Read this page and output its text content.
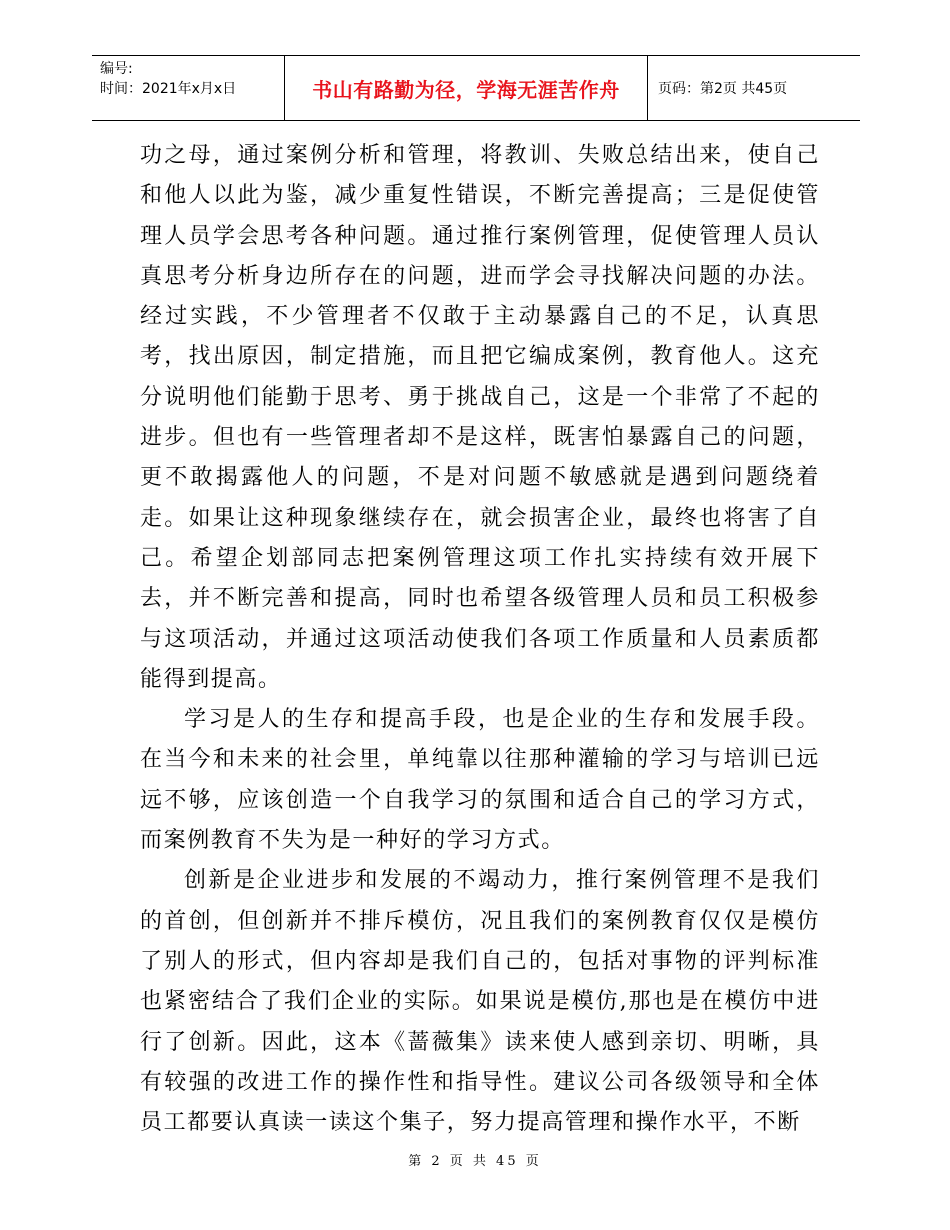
编号:
时间：2021年x月x日	书山有路勤为径，学海无涯苦作舟	页码：第2页 共45页

功之母，通过案例分析和管理，将教训、失败总结出来，使自己和他人以此为鉴，减少重复性错误，不断完善提高；三是促使管理人员学会思考各种问题。通过推行案例管理，促使管理人员认真思考分析身边所存在的问题，进而学会寻找解决问题的办法。经过实践，不少管理者不仅敢于主动暴露自己的不足，认真思考，找出原因，制定措施，而且把它编成案例，教育他人。这充分说明他们能勤于思考、勇于挑战自己，这是一个非常了不起的进步。但也有一些管理者却不是这样，既害怕暴露自己的问题，更不敢揭露他人的问题，不是对问题不敏感就是遇到问题绕着走。如果让这种现象继续存在，就会损害企业，最终也将害了自己。希望企划部同志把案例管理这项工作扎实持续有效开展下去，并不断完善和提高，同时也希望各级管理人员和员工积极参与这项活动，并通过这项活动使我们各项工作质量和人员素质都能得到提高。

学习是人的生存和提高手段，也是企业的生存和发展手段。在当今和未来的社会里，单纯靠以往那种灌输的学习与培训已远远不够，应该创造一个自我学习的氛围和适合自己的学习方式，而案例教育不失为是一种好的学习方式。

创新是企业进步和发展的不竭动力，推行案例管理不是我们的首创，但创新并不排斥模仿，况且我们的案例教育仅仅是模仿了别人的形式，但内容却是我们自己的，包括对事物的评判标准也紧密结合了我们企业的实际。如果说是模仿,那也是在模仿中进行了创新。因此，这本《蔷薇集》读来使人感到亲切、明晰，具有较强的改进工作的操作性和指导性。建议公司各级领导和全体员工都要认真读一读这个集子，努力提高管理和操作水平，不断

第 2 页 共 45 页
